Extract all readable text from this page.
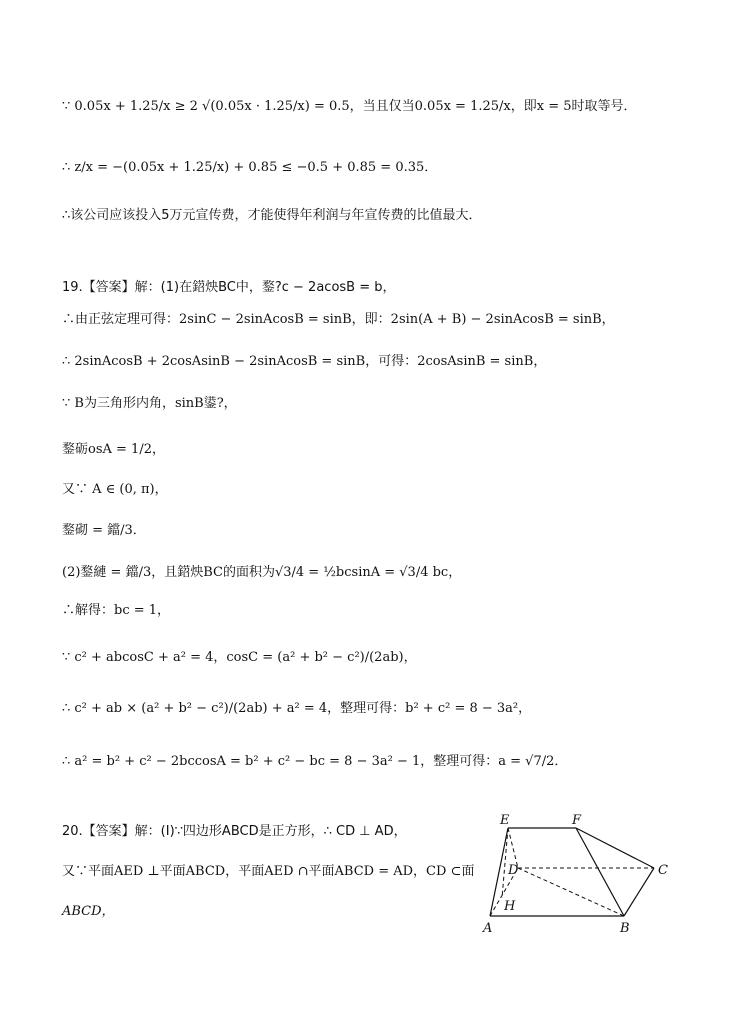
∵ 0.05x + 1.25/x ≥ 2 √(0.05x · 1.25/x) = 0.5，当且仅当0.05x = 1.25/x，即x = 5时取等号．
∴ z/x = −(0.05x + 1.25/x) + 0.85 ≤ −0.5 + 0.85 = 0.35．
∴该公司应该投入5万元宣传费，才能使得年利润与年宣传费的比值最大．
19.【答案】解：(1)在鍣炴BC中，鍪?c − 2acosB = b，
∴由正弦定理可得：2sinC − 2sinAcosB = sinB，即：2sin(A + B) − 2sinAcosB = sinB，
∴ 2sinAcosB + 2cosAsinB − 2sinAcosB = sinB，可得：2cosAsinB = sinB，
∵ B为三角形内角，sinB鍙?，
鍪砺osA = 1/2，
又∵ A ∈ (0, π)，
鍪砌 = 鐺/3．
(2)鍪縺 = 鐺/3，且鍣炴BC的面积为√3/4 = ½bcsinA = √3/4 bc，
∴解得：bc = 1，
∵ c² + abcosC + a² = 4，cosC = (a² + b² − c²)/(2ab)，
∴ c² + ab × (a² + b² − c²)/(2ab) + a² = 4，整理可得：b² + c² = 8 − 3a²，
∴ a² = b² + c² − 2bccosA = b² + c² − bc = 8 − 3a² − 1，整理可得：a = √7/2．
20.【答案】解：(Ⅰ)∵四边形ABCD是正方形，∴ CD ⊥ AD，
又∵平面AED ⊥平面ABCD，平面AED ∩平面ABCD = AD，CD ⊂面
ABCD，
E	F
D	C
H
A	B
